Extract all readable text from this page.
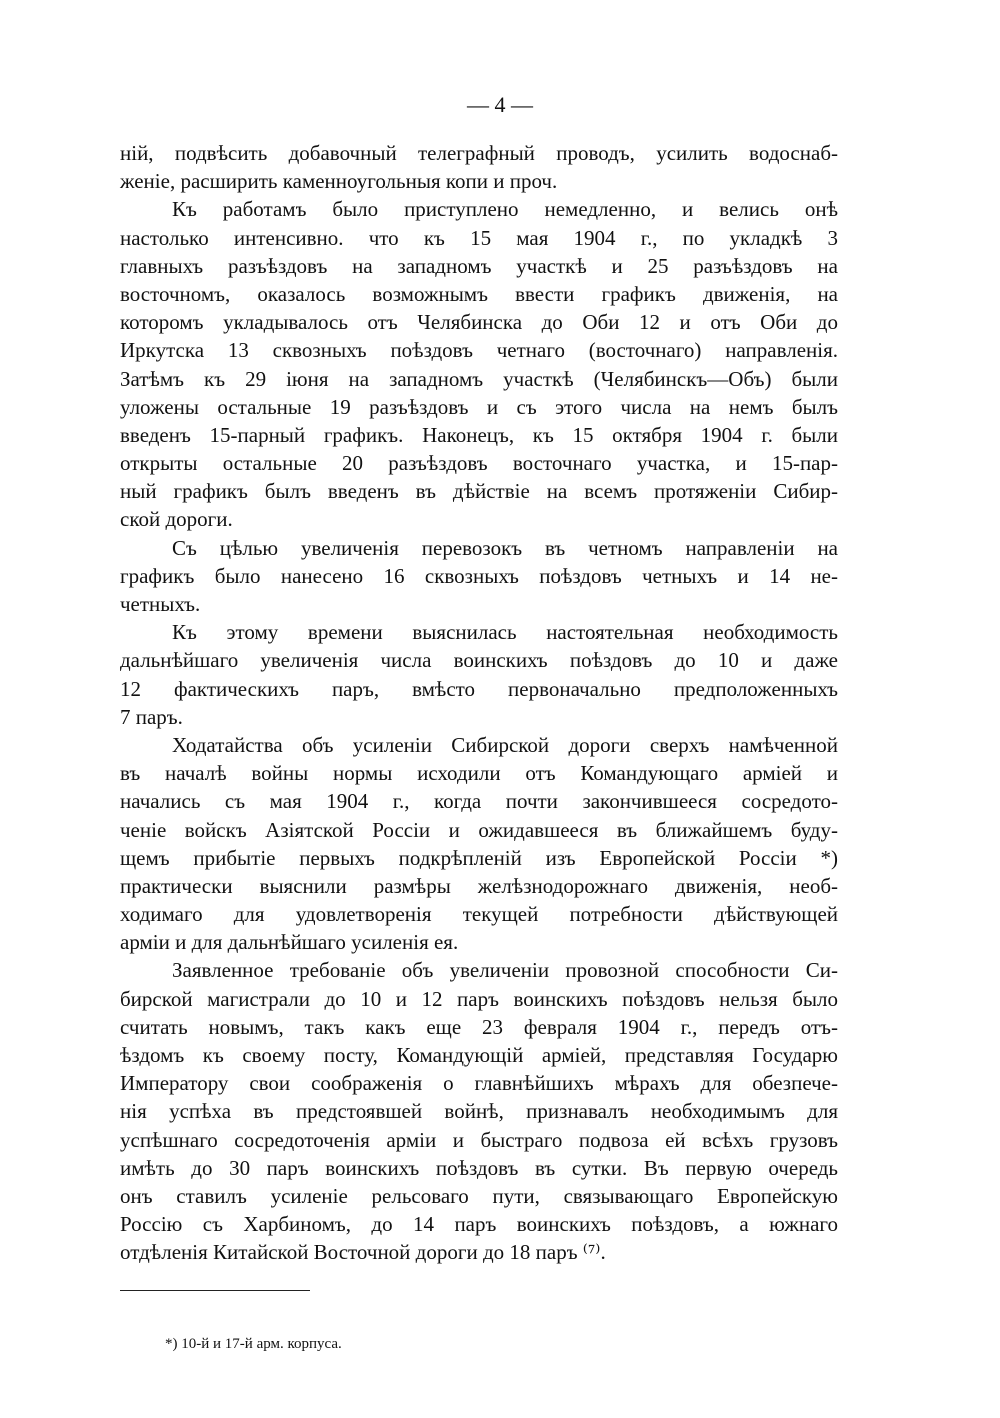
— 4 —
ній, подвѣсить добавочный телеграфный проводъ, усилить водоснаб-
женіе, расширить каменноугольныя копи и проч.
Къ работамъ было приступлено немедленно, и велись онѣ
настолько интенсивно. что къ 15 мая 1904 г., по укладкѣ 3
главныхъ разъѣздовъ на западномъ участкѣ и 25 разъѣздовъ на
восточномъ, оказалось возможнымъ ввести графикъ движенія, на
которомъ укладывалось отъ Челябинска до Оби 12 и отъ Оби до
Иркутска 13 сквозныхъ поѣздовъ четнаго (восточнаго) направленія.
Затѣмъ къ 29 іюня на западномъ участкѣ (Челябинскъ—Объ) были
уложены остальные 19 разъѣздовъ и съ этого числа на немъ былъ
введенъ 15-парный графикъ. Наконецъ, къ 15 октября 1904 г. были
открыты остальные 20 разъѣздовъ восточнаго участка, и 15-пар-
ный графикъ былъ введенъ въ дѣйствіе на всемъ протяженіи Сибир-
ской дороги.
Съ цѣлью увеличенія перевозокъ въ четномъ направленіи на
графикъ было нанесено 16 сквозныхъ поѣздовъ четныхъ и 14 не-
четныхъ.
Къ этому времени выяснилась настоятельная необходимость
дальнѣйшаго увеличенія числа воинскихъ поѣздовъ до 10 и даже
12 фактическихъ паръ, вмѣсто первоначально предположенныхъ
7 паръ.
Ходатайства объ усиленіи Сибирской дороги сверхъ намѣченной
въ началѣ войны нормы исходили отъ Командующаго арміей и
начались съ мая 1904 г., когда почти закончившееся сосредото-
ченіе войскъ Азіятской Россіи и ожидавшееся въ ближайшемъ буду-
щемъ прибытіе первыхъ подкрѣпленій изъ Европейской Россіи *)
практически выяснили размѣры желѣзнодорожнаго движенія, необ-
ходимаго для удовлетворенія текущей потребности дѣйствующей
арміи и для дальнѣйшаго усиленія ея.
Заявленное требованіе объ увеличеніи провозной способности Си-
бирской магистрали до 10 и 12 паръ воинскихъ поѣздовъ нельзя было
считать новымъ, такъ какъ еще 23 февраля 1904 г., передъ отъ-
ѣздомъ къ своему посту, Командующій арміей, представляя Государю
Императору свои соображенія о главнѣйшихъ мѣрахъ для обезпече-
нія успѣха въ предстоявшей войнѣ, признавалъ необходимымъ для
успѣшнаго сосредоточенія арміи и быстраго подвоза ей всѣхъ грузовъ
имѣть до 30 паръ воинскихъ поѣздовъ въ сутки. Въ первую очередь
онъ ставилъ усиленіе рельсоваго пути, связывающаго Европейскую
Россію съ Харбиномъ, до 14 паръ воинскихъ поѣздовъ, а южнаго
отдѣленія Китайской Восточной дороги до 18 паръ ⁽⁷⁾.
*) 10-й и 17-й арм. корпуса.
